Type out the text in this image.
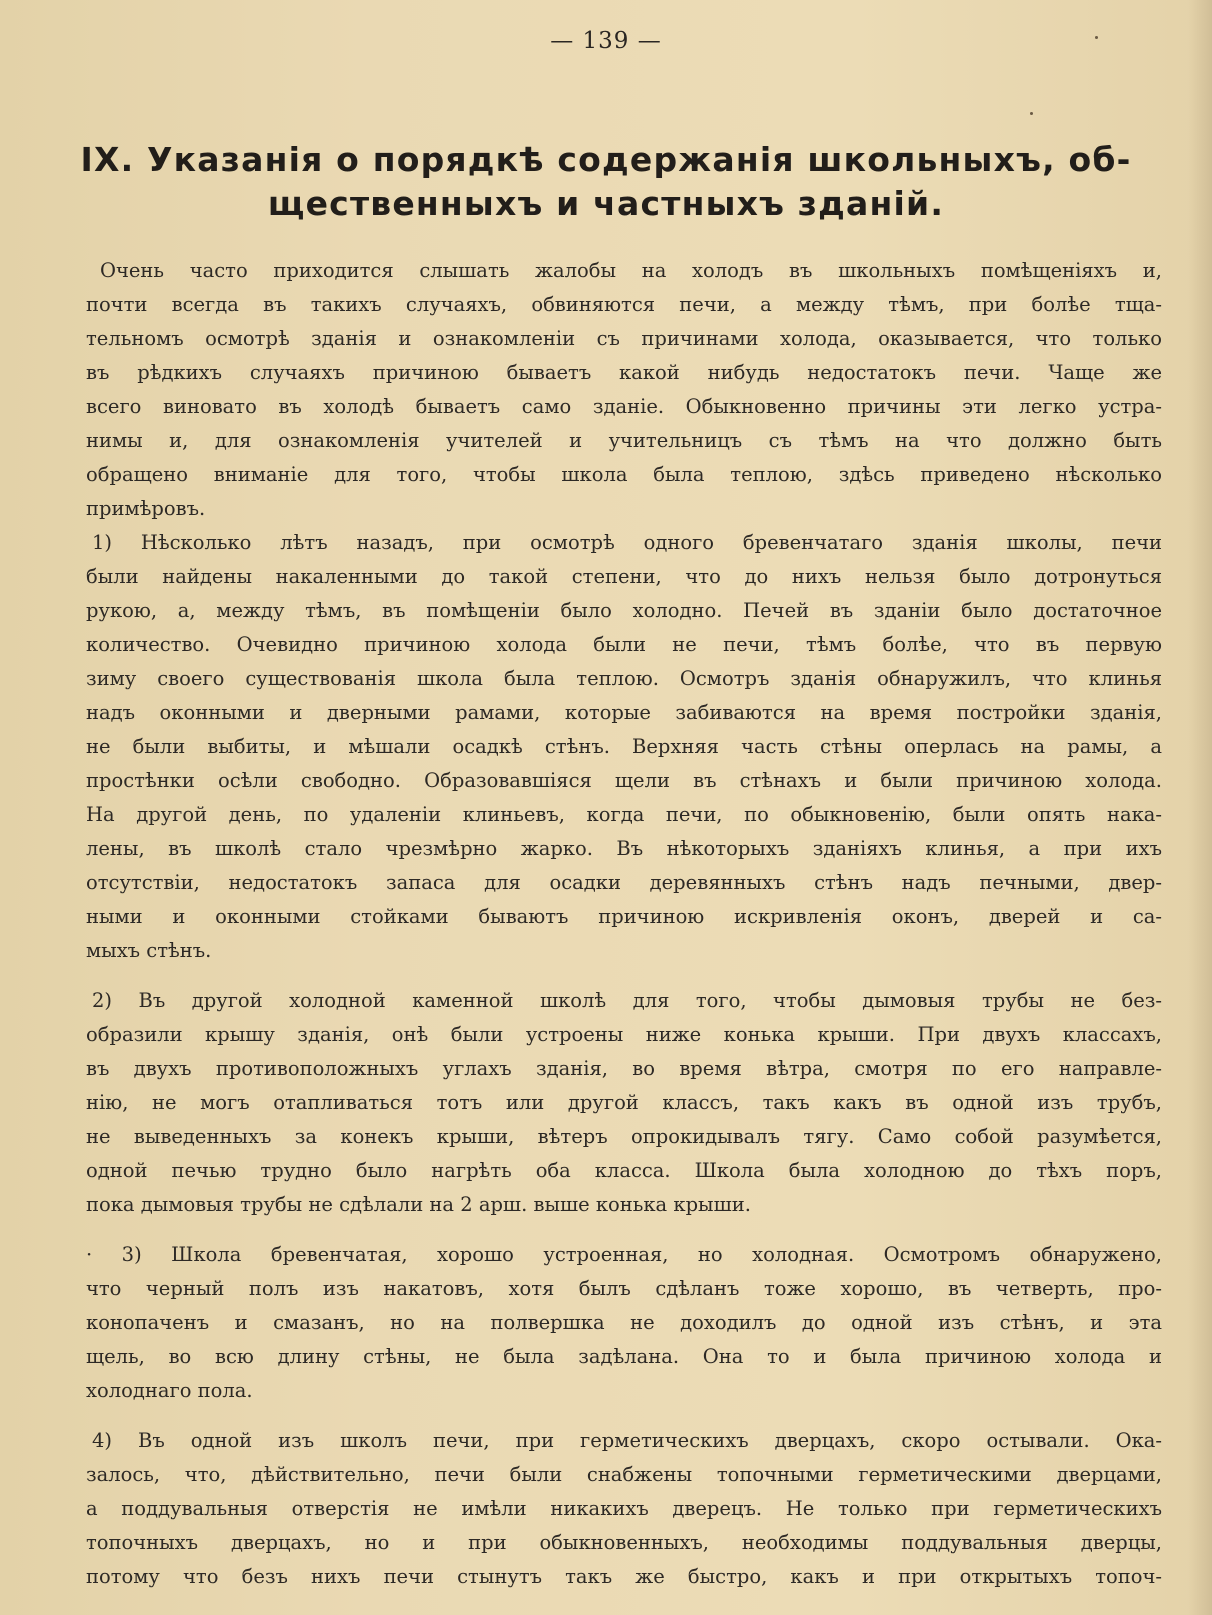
— 139 —
IX. Указанія о порядкѣ содержанія школьныхъ, об-
щественныхъ и частныхъ зданій.
Очень часто приходится слышать жалобы на холодъ въ школьныхъ помѣщеніяхъ и,
почти всегда въ такихъ случаяхъ, обвиняются печи, а между тѣмъ, при болѣе тща-
тельномъ осмотрѣ зданія и ознакомленіи съ причинами холода, оказывается, что только
въ рѣдкихъ случаяхъ причиною бываетъ какой нибудь недостатокъ печи. Чаще же
всего виновато въ холодѣ бываетъ само зданіе. Обыкновенно причины эти легко устра-
нимы и, для ознакомленія учителей и учительницъ съ тѣмъ на что должно быть
обращено вниманіе для того, чтобы школа была теплою, здѣсь приведено нѣсколько
примѣровъ.
1) Нѣсколько лѣтъ назадъ, при осмотрѣ одного бревенчатаго зданія школы, печи
были найдены накаленными до такой степени, что до нихъ нельзя было дотронуться
рукою, а, между тѣмъ, въ помѣщеніи было холодно. Печей въ зданіи было достаточное
количество. Очевидно причиною холода были не печи, тѣмъ болѣе, что въ первую
зиму своего существованія школа была теплою. Осмотръ зданія обнаружилъ, что клинья
надъ оконными и дверными рамами, которые забиваются на время постройки зданія,
не были выбиты, и мѣшали осадкѣ стѣнъ. Верхняя часть стѣны оперлась на рамы, а
простѣнки осѣли свободно. Образовавшіяся щели въ стѣнахъ и были причиною холода.
На другой день, по удаленіи клиньевъ, когда печи, по обыкновенію, были опять нака-
лены, въ школѣ стало чрезмѣрно жарко. Въ нѣкоторыхъ зданіяхъ клинья, а при ихъ
отсутствіи, недостатокъ запаса для осадки деревянныхъ стѣнъ надъ печными, двер-
ными и оконными стойками бываютъ причиною искривленія оконъ, дверей и са-
мыхъ стѣнъ.
2) Въ другой холодной каменной школѣ для того, чтобы дымовыя трубы не без-
образили крышу зданія, онѣ были устроены ниже конька крыши. При двухъ классахъ,
въ двухъ противоположныхъ углахъ зданія, во время вѣтра, смотря по его направле-
нію, не могъ отапливаться тотъ или другой классъ, такъ какъ въ одной изъ трубъ,
не выведенныхъ за конекъ крыши, вѣтеръ опрокидывалъ тягу. Само собой разумѣется,
одной печью трудно было нагрѣть оба класса. Школа была холодною до тѣхъ поръ,
пока дымовыя трубы не сдѣлали на 2 арш. выше конька крыши.
· 3) Школа бревенчатая, хорошо устроенная, но холодная. Осмотромъ обнаружено,
что черный полъ изъ накатовъ, хотя былъ сдѣланъ тоже хорошо, въ четверть, про-
конопаченъ и смазанъ, но на полвершка не доходилъ до одной изъ стѣнъ, и эта
щель, во всю длину стѣны, не была задѣлана. Она то и была причиною холода и
холоднаго пола.
4) Въ одной изъ школъ печи, при герметическихъ дверцахъ, скоро остывали. Ока-
залось, что, дѣйствительно, печи были снабжены топочными герметическими дверцами,
а поддувальныя отверстія не имѣли никакихъ дверецъ. Не только при герметическихъ
топочныхъ дверцахъ, но и при обыкновенныхъ, необходимы поддувальныя дверцы,
потому что безъ нихъ печи стынутъ такъ же быстро, какъ и при открытыхъ топоч-
